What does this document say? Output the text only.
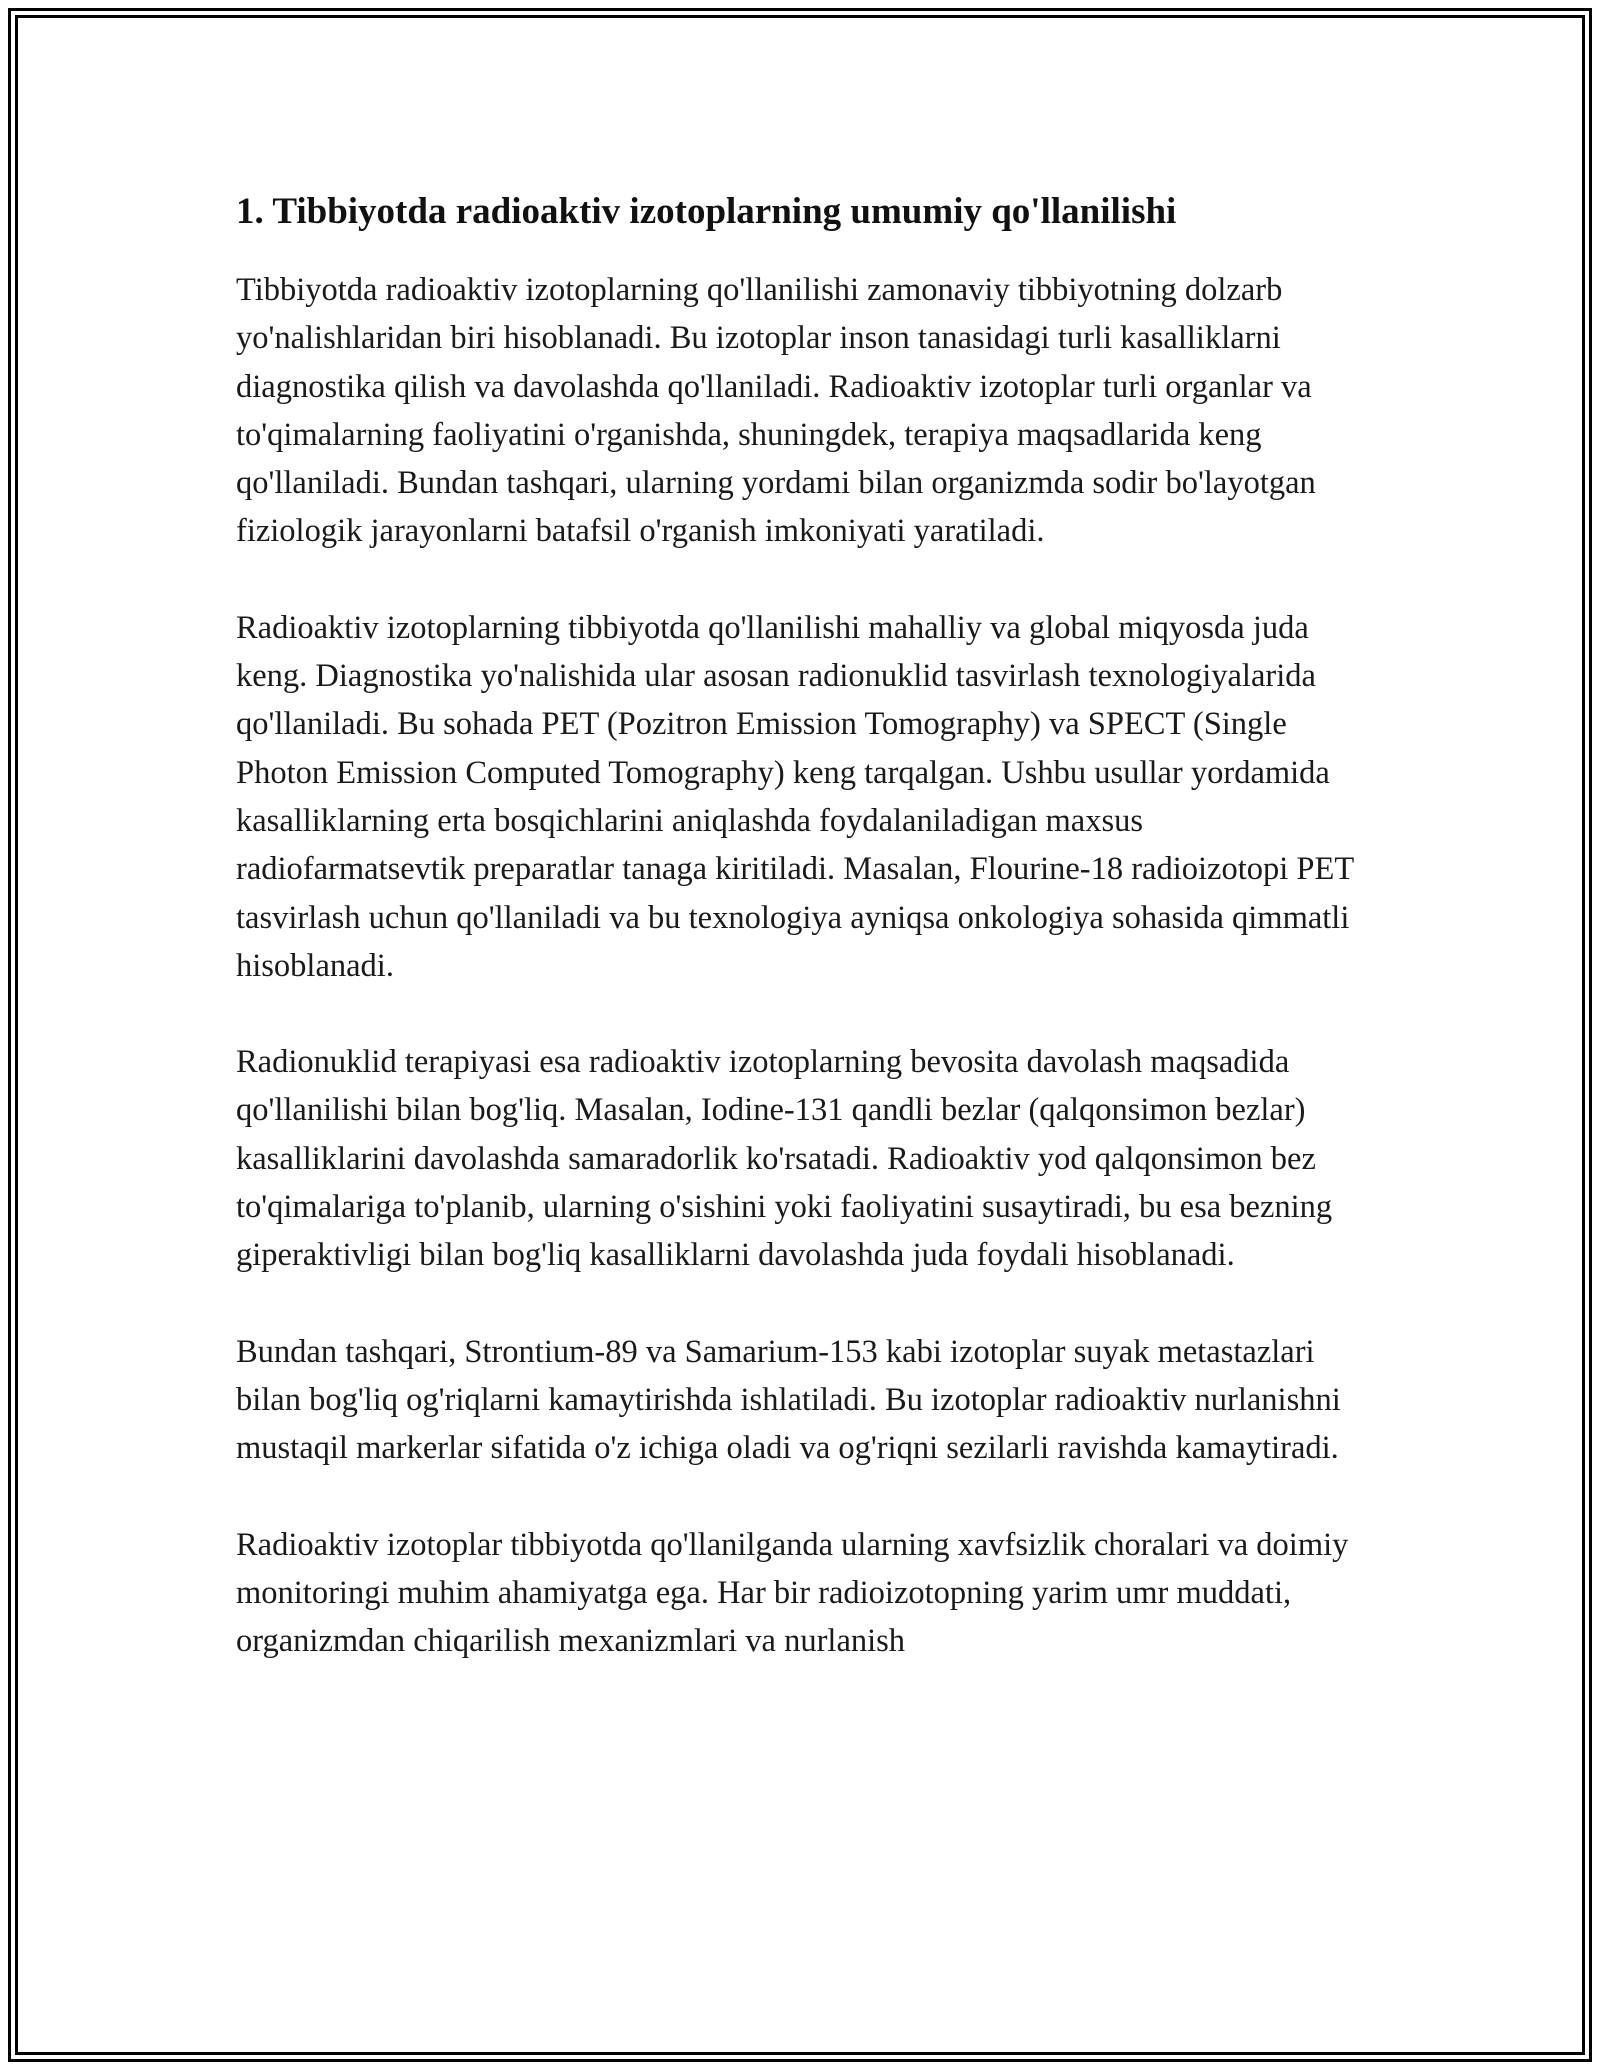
1. Tibbiyotda radioaktiv izotoplarning umumiy qo'llanilishi

Tibbiyotda radioaktiv izotoplarning qo'llanilishi zamonaviy tibbiyotning dolzarb yo'nalishlaridan biri hisoblanadi. Bu izotoplar inson tanasidagi turli kasalliklarni diagnostika qilish va davolashda qo'llaniladi. Radioaktiv izotoplar turli organlar va to'qimalarning faoliyatini o'rganishda, shuningdek, terapiya maqsadlarida keng qo'llaniladi. Bundan tashqari, ularning yordami bilan organizmda sodir bo'layotgan fiziologik jarayonlarni batafsil o'rganish imkoniyati yaratiladi.

Radioaktiv izotoplarning tibbiyotda qo'llanilishi mahalliy va global miqyosda juda keng. Diagnostika yo'nalishida ular asosan radionuklid tasvirlash texnologiyalarida qo'llaniladi. Bu sohada PET (Pozitron Emission Tomography) va SPECT (Single Photon Emission Computed Tomography) keng tarqalgan. Ushbu usullar yordamida kasalliklarning erta bosqichlarini aniqlashda foydalaniladigan maxsus radiofarmatsevtik preparatlar tanaga kiritiladi. Masalan, Flourine-18 radioizotopi PET tasvirlash uchun qo'llaniladi va bu texnologiya ayniqsa onkologiya sohasida qimmatli hisoblanadi.

Radionuklid terapiyasi esa radioaktiv izotoplarning bevosita davolash maqsadida qo'llanilishi bilan bog'liq. Masalan, Iodine-131 qandli bezlar (qalqonsimon bezlar) kasalliklarini davolashda samaradorlik ko'rsatadi. Radioaktiv yod qalqonsimon bez to'qimalariga to'planib, ularning o'sishini yoki faoliyatini susaytiradi, bu esa bezning giperaktivligi bilan bog'liq kasalliklarni davolashda juda foydali hisoblanadi.

Bundan tashqari, Strontium-89 va Samarium-153 kabi izotoplar suyak metastazlari bilan bog'liq og'riqlarni kamaytirishda ishlatiladi. Bu izotoplar radioaktiv nurlanishni mustaqil markerlar sifatida o'z ichiga oladi va og'riqni sezilarli ravishda kamaytiradi.

Radioaktiv izotoplar tibbiyotda qo'llanilganda ularning xavfsizlik choralari va doimiy monitoringi muhim ahamiyatga ega. Har bir radioizotopning yarim umr muddati, organizmdan chiqarilish mexanizmlari va nurlanish
